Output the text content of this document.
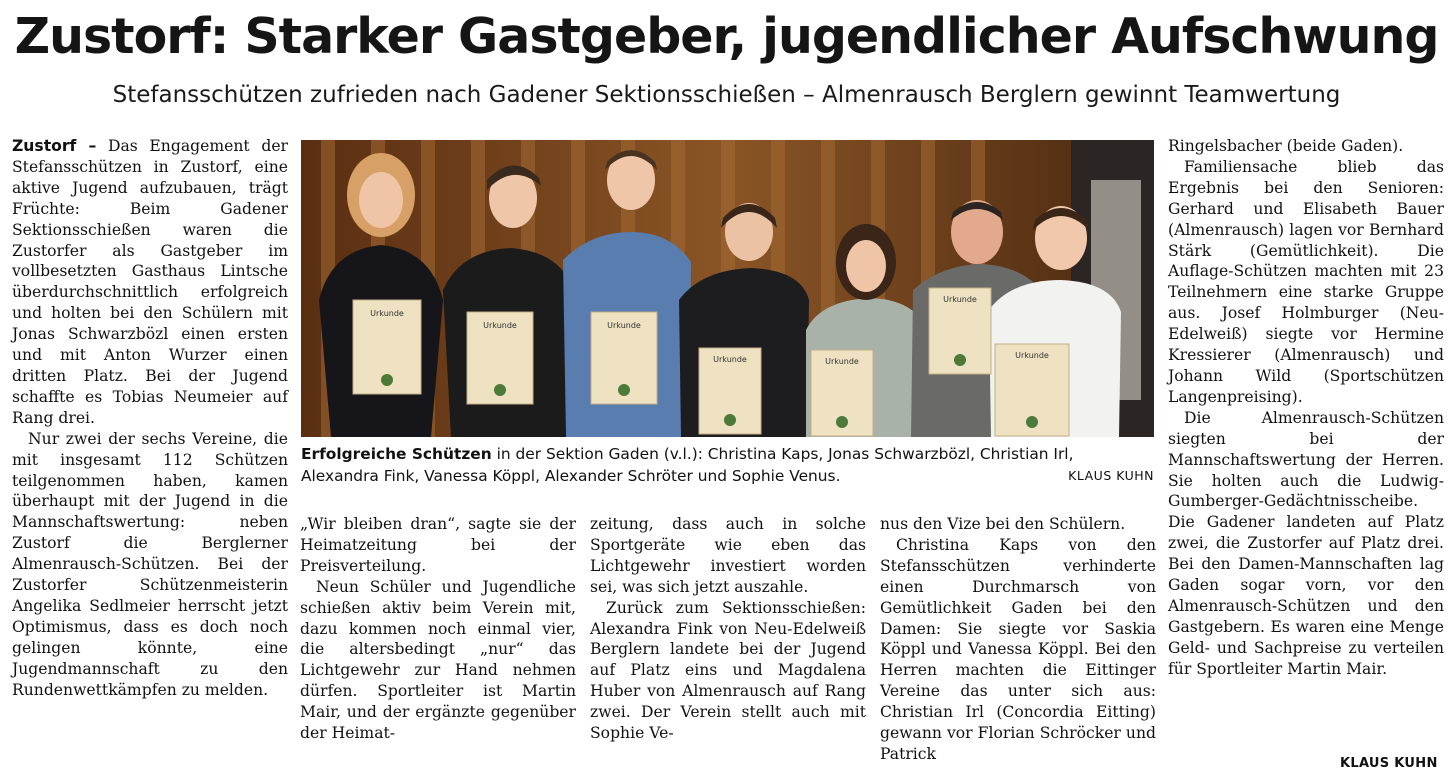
Zustorf: Starker Gastgeber, jugendlicher Aufschwung
Stefansschützen zufrieden nach Gadener Sektionsschießen – Almenrausch Berglern gewinnt Teamwertung

Zustorf – Das Engagement der Stefansschützen in Zustorf, eine aktive Jugend aufzubauen, trägt Früchte: Beim Gadener Sektionsschießen waren die Zustorfer als Gastgeber im vollbesetzten Gasthaus Lintsche überdurchschnittlich erfolgreich und holten bei den Schülern mit Jonas Schwarzbözl einen ersten und mit Anton Wurzer einen dritten Platz. Bei der Jugend schaffte es Tobias Neumeier auf Rang drei.

Nur zwei der sechs Vereine, die mit insgesamt 112 Schützen teilgenommen haben, kamen überhaupt mit der Jugend in die Mannschaftswertung: neben Zustorf die Berglerner Almenrausch-Schützen. Bei der Zustorfer Schützenmeisterin Angelika Sedlmeier herrscht jetzt Optimismus, dass es doch noch gelingen könnte, eine Jugendmannschaft zu den Rundenwettkämpfen zu melden.

Urkunde
Urkunde	Urkunde
Urkunde	Urkunde
Urkunde
Urkunde
Erfolgreiche Schützen in der Sektion Gaden (v.l.): Christina Kaps, Jonas Schwarzbözl, Christian Irl, Alexandra Fink, Vanessa Köppl, Alexander Schröter und Sophie Venus.	KLAUS KUHN

„Wir bleiben dran“, sagte sie der Heimatzeitung bei der Preisverteilung.

Neun Schüler und Jugendliche schießen aktiv beim Verein mit, dazu kommen noch einmal vier, die altersbedingt „nur“ das Lichtgewehr zur Hand nehmen dürfen. Sportleiter ist Martin Mair, und der ergänzte gegenüber der Heimat-

zeitung, dass auch in solche Sportgeräte wie eben das Lichtgewehr investiert worden sei, was sich jetzt auszahle.

Zurück zum Sektionsschießen: Alexandra Fink von Neu-Edelweiß Berglern landete bei der Jugend auf Platz eins und Magdalena Huber von Almenrausch auf Rang zwei. Der Verein stellt auch mit Sophie Ve-

nus den Vize bei den Schülern.

Christina Kaps von den Stefansschützen verhinderte einen Durchmarsch von Gemütlichkeit Gaden bei den Damen: Sie siegte vor Saskia Köppl und Vanessa Köppl. Bei den Herren machten die Eittinger Vereine das unter sich aus: Christian Irl (Concordia Eitting) gewann vor Florian Schröcker und Patrick

Ringelsbacher (beide Gaden).

Familiensache blieb das Ergebnis bei den Senioren: Gerhard und Elisabeth Bauer (Almenrausch) lagen vor Bernhard Stärk (Gemütlichkeit). Die Auflage-Schützen machten mit 23 Teilnehmern eine starke Gruppe aus. Josef Holmburger (Neu-Edelweiß) siegte vor Hermine Kressierer (Almenrausch) und Johann Wild (Sportschützen Langenpreising).

Die Almenrausch-Schützen siegten bei der Mannschaftswertung der Herren. Sie holten auch die Ludwig-Gumberger-Gedächtnisscheibe. Die Gadener landeten auf Platz zwei, die Zustorfer auf Platz drei. Bei den Damen-Mannschaften lag Gaden sogar vorn, vor den Almenrausch-Schützen und den Gastgebern. Es waren eine Menge Geld- und Sachpreise zu verteilen für Sportleiter Martin Mair.

KLAUS KUHN
